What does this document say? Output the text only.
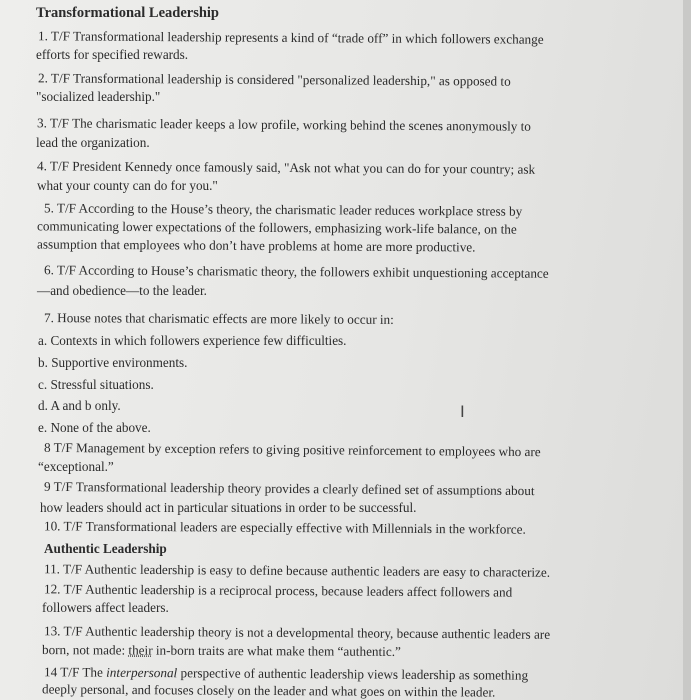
Transformational Leadership
1. T/F Transformational leadership represents a kind of “trade off” in which followers exchange
efforts for specified rewards.
2. T/F Transformational leadership is considered "personalized leadership," as opposed to
"socialized leadership."
3. T/F The charismatic leader keeps a low profile, working behind the scenes anonymously to
lead the organization.
4. T/F President Kennedy once famously said, "Ask not what you can do for your country; ask
what your county can do for you."
5. T/F According to the House’s theory, the charismatic leader reduces workplace stress by
communicating lower expectations of the followers, emphasizing work-life balance, on the
assumption that employees who don’t have problems at home are more productive.
6. T/F According to House’s charismatic theory, the followers exhibit unquestioning acceptance
—and obedience—to the leader.
7. House notes that charismatic effects are more likely to occur in:
a. Contexts in which followers experience few difficulties.
b. Supportive environments.
c. Stressful situations.
d. A and b only.
e. None of the above.
8 T/F Management by exception refers to giving positive reinforcement to employees who are
“exceptional.”
9 T/F Transformational leadership theory provides a clearly defined set of assumptions about
how leaders should act in particular situations in order to be successful.
10. T/F Transformational leaders are especially effective with Millennials in the workforce.
Authentic Leadership
11. T/F Authentic leadership is easy to define because authentic leaders are easy to characterize.
12. T/F Authentic leadership is a reciprocal process, because leaders affect followers and
followers affect leaders.
13. T/F Authentic leadership theory is not a developmental theory, because authentic leaders are
born, not made: their in-born traits are what make them “authentic.”
14 T/F The interpersonal perspective of authentic leadership views leadership as something
deeply personal, and focuses closely on the leader and what goes on within the leader.
I
